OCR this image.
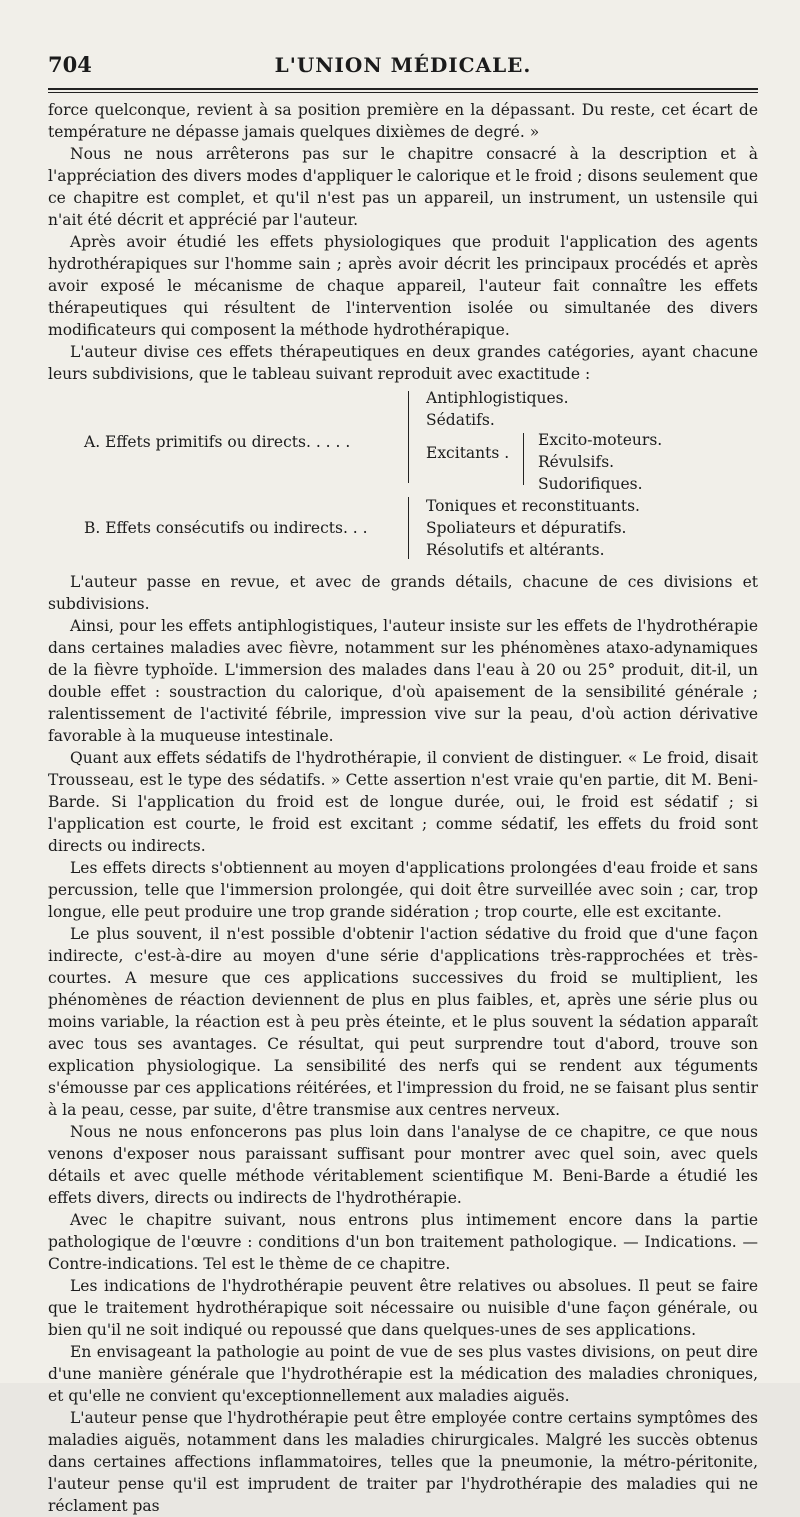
704	L'UNION MÉDICALE.

force quelconque, revient à sa position première en la dépassant. Du reste, cet écart de température ne dépasse jamais quelques dixièmes de degré. »

Nous ne nous arrêterons pas sur le chapitre consacré à la description et à l'appréciation des divers modes d'appliquer le calorique et le froid ; disons seulement que ce chapitre est complet, et qu'il n'est pas un appareil, un instrument, un ustensile qui n'ait été décrit et apprécié par l'auteur.

Après avoir étudié les effets physiologiques que produit l'application des agents hydrothérapiques sur l'homme sain ; après avoir décrit les principaux procédés et après avoir exposé le mécanisme de chaque appareil, l'auteur fait connaître les effets thérapeutiques qui résultent de l'intervention isolée ou simultanée des divers modificateurs qui composent la méthode hydrothérapique.

L'auteur divise ces effets thérapeutiques en deux grandes catégories, ayant chacune leurs subdivisions, que le tableau suivant reproduit avec exactitude :

A. Effets primitifs ou directs. . . . .
Antiphlogistiques.
Sédatifs.
Excitants .
Excito-moteurs.
Révulsifs.
Sudorifiques.
B. Effets consécutifs ou indirects. . .
Toniques et reconstituants.
Spoliateurs et dépuratifs.
Résolutifs et altérants.

L'auteur passe en revue, et avec de grands détails, chacune de ces divisions et subdivisions.

Ainsi, pour les effets antiphlogistiques, l'auteur insiste sur les effets de l'hydrothérapie dans certaines maladies avec fièvre, notamment sur les phénomènes ataxo-adynamiques de la fièvre typhoïde. L'immersion des malades dans l'eau à 20 ou 25° produit, dit-il, un double effet : soustraction du calorique, d'où apaisement de la sensibilité générale ; ralentissement de l'activité fébrile, impression vive sur la peau, d'où action dérivative favorable à la muqueuse intestinale.

Quant aux effets sédatifs de l'hydrothérapie, il convient de distinguer. « Le froid, disait Trousseau, est le type des sédatifs. » Cette assertion n'est vraie qu'en partie, dit M. Beni-Barde. Si l'application du froid est de longue durée, oui, le froid est sédatif ; si l'application est courte, le froid est excitant ; comme sédatif, les effets du froid sont directs ou indirects.

Les effets directs s'obtiennent au moyen d'applications prolongées d'eau froide et sans percussion, telle que l'immersion prolongée, qui doit être surveillée avec soin ; car, trop longue, elle peut produire une trop grande sidération ; trop courte, elle est excitante.

Le plus souvent, il n'est possible d'obtenir l'action sédative du froid que d'une façon indirecte, c'est-à-dire au moyen d'une série d'applications très-rapprochées et très-courtes. A mesure que ces applications successives du froid se multiplient, les phénomènes de réaction deviennent de plus en plus faibles, et, après une série plus ou moins variable, la réaction est à peu près éteinte, et le plus souvent la sédation apparaît avec tous ses avantages. Ce résultat, qui peut surprendre tout d'abord, trouve son explication physiologique. La sensibilité des nerfs qui se rendent aux téguments s'émousse par ces applications réitérées, et l'impression du froid, ne se faisant plus sentir à la peau, cesse, par suite, d'être transmise aux centres nerveux.

Nous ne nous enfoncerons pas plus loin dans l'analyse de ce chapitre, ce que nous venons d'exposer nous paraissant suffisant pour montrer avec quel soin, avec quels détails et avec quelle méthode véritablement scientifique M. Beni-Barde a étudié les effets divers, directs ou indirects de l'hydrothérapie.

Avec le chapitre suivant, nous entrons plus intimement encore dans la partie pathologique de l'œuvre : conditions d'un bon traitement pathologique. — Indications. — Contre-indications. Tel est le thème de ce chapitre.

Les indications de l'hydrothérapie peuvent être relatives ou absolues. Il peut se faire que le traitement hydrothérapique soit nécessaire ou nuisible d'une façon générale, ou bien qu'il ne soit indiqué ou repoussé que dans quelques-unes de ses applications.

En envisageant la pathologie au point de vue de ses plus vastes divisions, on peut dire d'une manière générale que l'hydrothérapie est la médication des maladies chroniques, et qu'elle ne convient qu'exceptionnellement aux maladies aiguës.

L'auteur pense que l'hydrothérapie peut être employée contre certains symptômes des maladies aiguës, notamment dans les maladies chirurgicales. Malgré les succès obtenus dans certaines affections inflammatoires, telles que la pneumonie, la métro-péritonite, l'auteur pense qu'il est imprudent de traiter par l'hydrothérapie des maladies qui ne réclament pas
